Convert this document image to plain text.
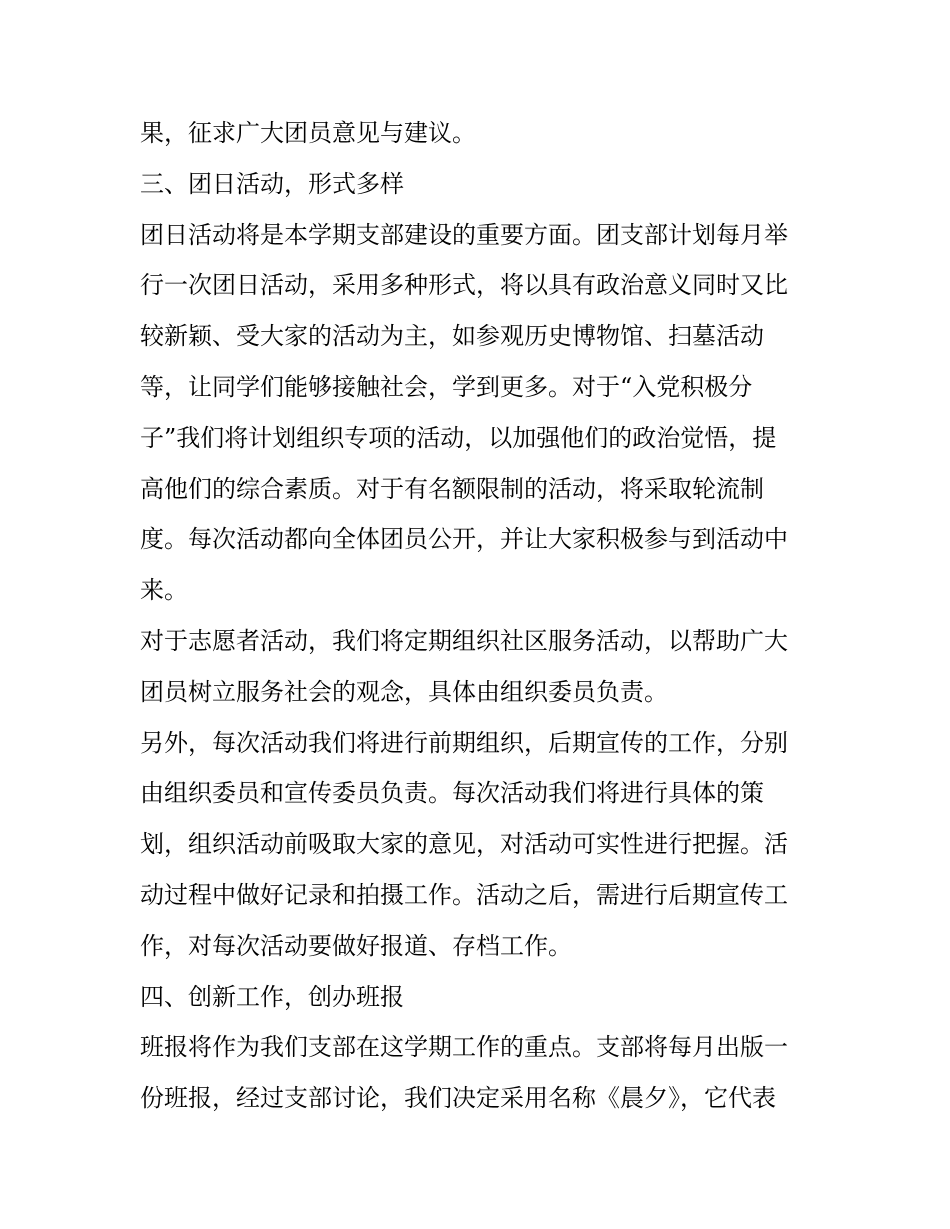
果，征求广大团员意见与建议。
三、团日活动，形式多样
团日活动将是本学期支部建设的重要方面。团支部计划每月举
行一次团日活动，采用多种形式，将以具有政治意义同时又比
较新颖、受大家的活动为主，如参观历史博物馆、扫墓活动
等，让同学们能够接触社会，学到更多。对于“入党积极分
子”我们将计划组织专项的活动，以加强他们的政治觉悟，提
高他们的综合素质。对于有名额限制的活动，将采取轮流制
度。每次活动都向全体团员公开，并让大家积极参与到活动中
来。
对于志愿者活动，我们将定期组织社区服务活动，以帮助广大
团员树立服务社会的观念，具体由组织委员负责。
另外，每次活动我们将进行前期组织，后期宣传的工作，分别
由组织委员和宣传委员负责。每次活动我们将进行具体的策
划，组织活动前吸取大家的意见，对活动可实性进行把握。活
动过程中做好记录和拍摄工作。活动之后，需进行后期宣传工
作，对每次活动要做好报道、存档工作。
四、创新工作，创办班报
班报将作为我们支部在这学期工作的重点。支部将每月出版一
份班报，经过支部讨论，我们决定采用名称《晨夕》，它代表
